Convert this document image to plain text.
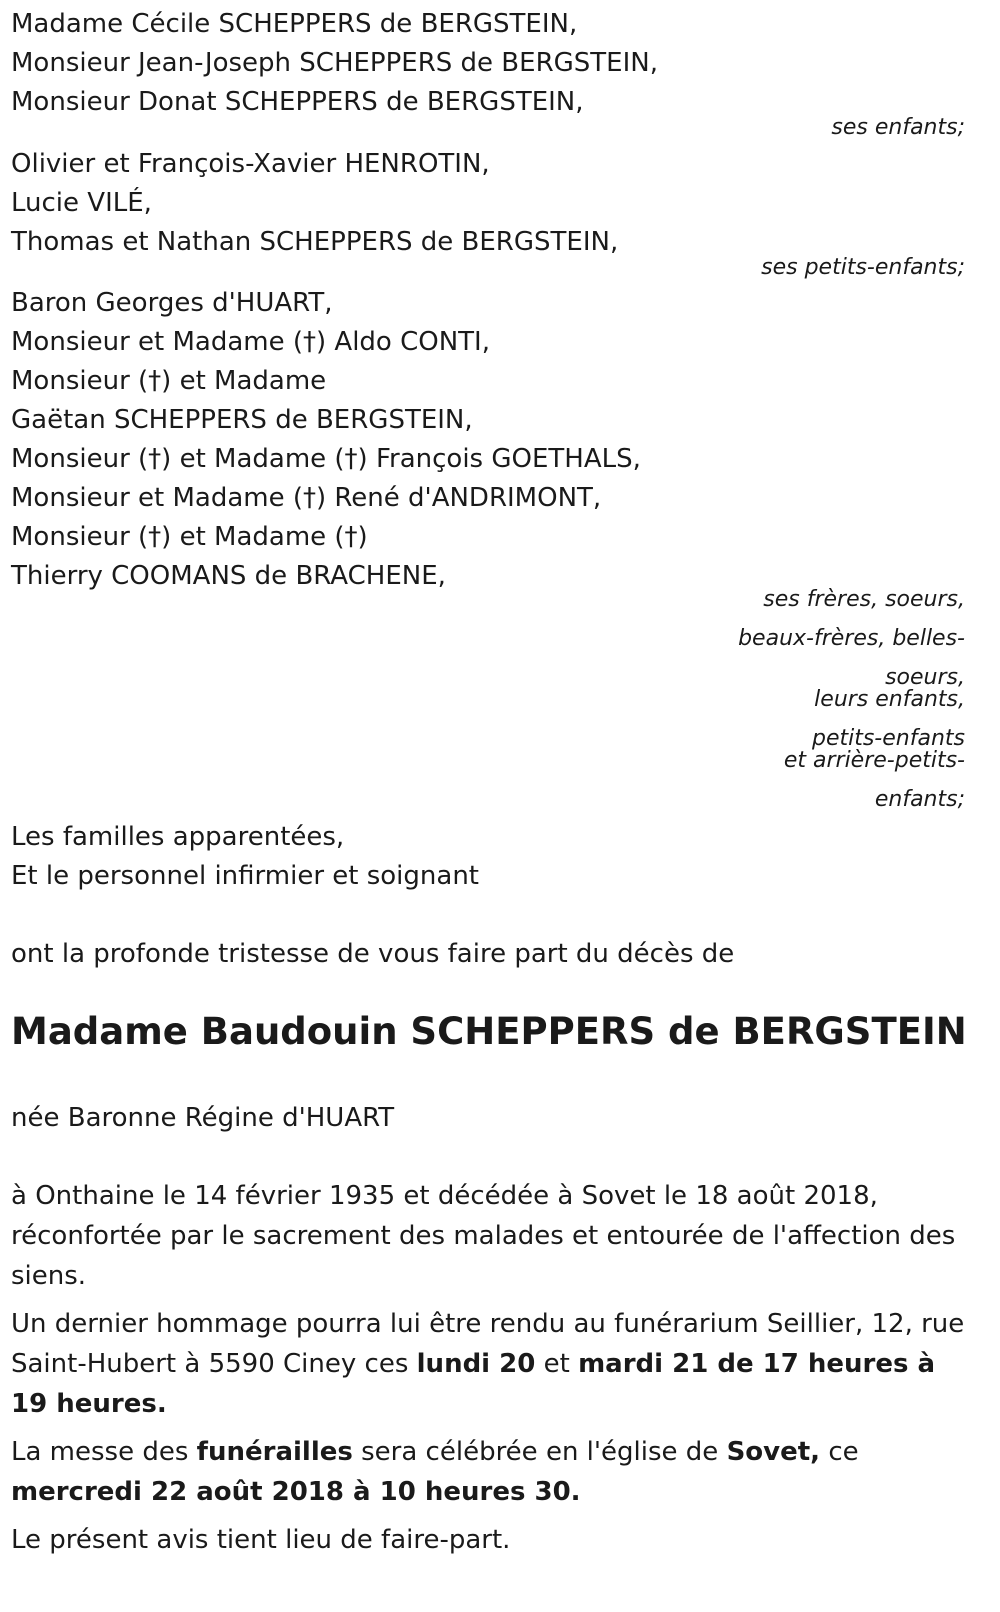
Madame Cécile SCHEPPERS de BERGSTEIN,
Monsieur Jean-Joseph SCHEPPERS de BERGSTEIN,
Monsieur Donat SCHEPPERS de BERGSTEIN,
ses enfants;
Olivier et François-Xavier HENROTIN,
Lucie VILÉ,
Thomas et Nathan SCHEPPERS de BERGSTEIN,
ses petits-enfants;
Baron Georges d'HUART,
Monsieur et Madame (†) Aldo CONTI,
Monsieur (†) et Madame
Gaëtan SCHEPPERS de BERGSTEIN,
Monsieur (†) et Madame (†) François GOETHALS,
Monsieur et Madame (†) René d'ANDRIMONT,
Monsieur (†) et Madame (†)
Thierry COOMANS de BRACHENE,
ses frères, soeurs,
beaux-frères, belles-
soeurs,
leurs enfants,
petits-enfants
et arrière-petits-
enfants;
Les familles apparentées,
Et le personnel infirmier et soignant
ont la profonde tristesse de vous faire part du décès de
Madame Baudouin SCHEPPERS de BERGSTEIN
née Baronne Régine d'HUART

à Onthaine le 14 février 1935 et décédée à Sovet le 18 août 2018, réconfortée par le sacrement des malades et entourée de l'affection des siens.

Un dernier hommage pourra lui être rendu au funérarium Seillier, 12, rue Saint-Hubert à 5590 Ciney ces lundi 20 et mardi 21 de 17 heures à 19 heures.

La messe des funérailles sera célébrée en l'église de Sovet, ce mercredi 22 août 2018 à 10 heures 30.

Le présent avis tient lieu de faire-part.
